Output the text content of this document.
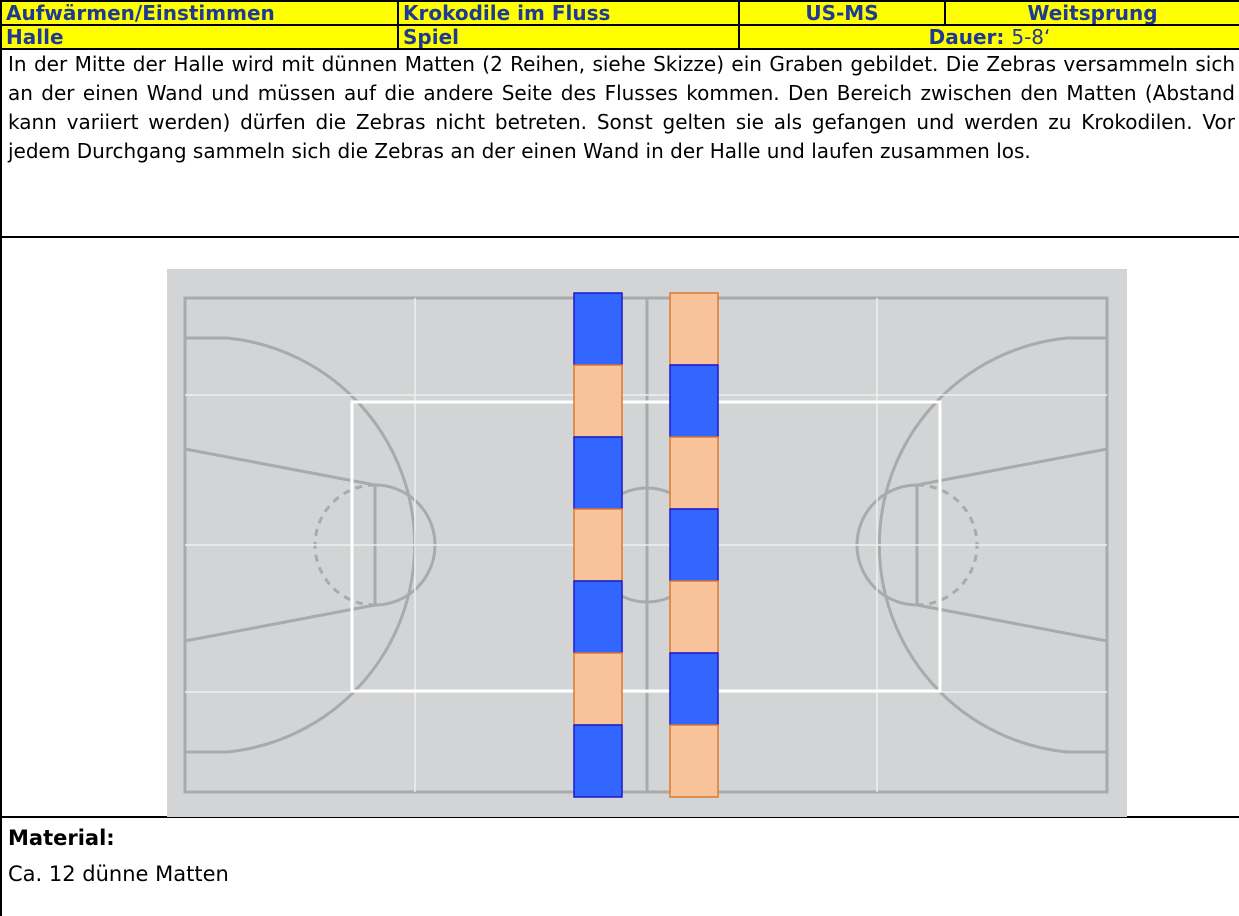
Aufwärmen/Einstimmen	Krokodile im Fluss	US-MS	Weitsprung
Halle	Spiel	Dauer: 5-8‘	
In der Mitte der Halle wird mit dünnen Matten (2 Reihen, siehe Skizze) ein Graben gebildet. Die Zebras versammeln sich an der einen Wand und müssen auf die andere Seite des Flusses kommen. Den Bereich zwischen den Matten (Abstand kann variiert werden) dürfen die Zebras nicht betreten. Sonst gelten sie als gefangen und werden zu Krokodilen. Vor jedem Durchgang sammeln sich die Zebras an der einen Wand in der Halle und laufen zusammen los.
Material:
Ca. 12 dünne Matten
